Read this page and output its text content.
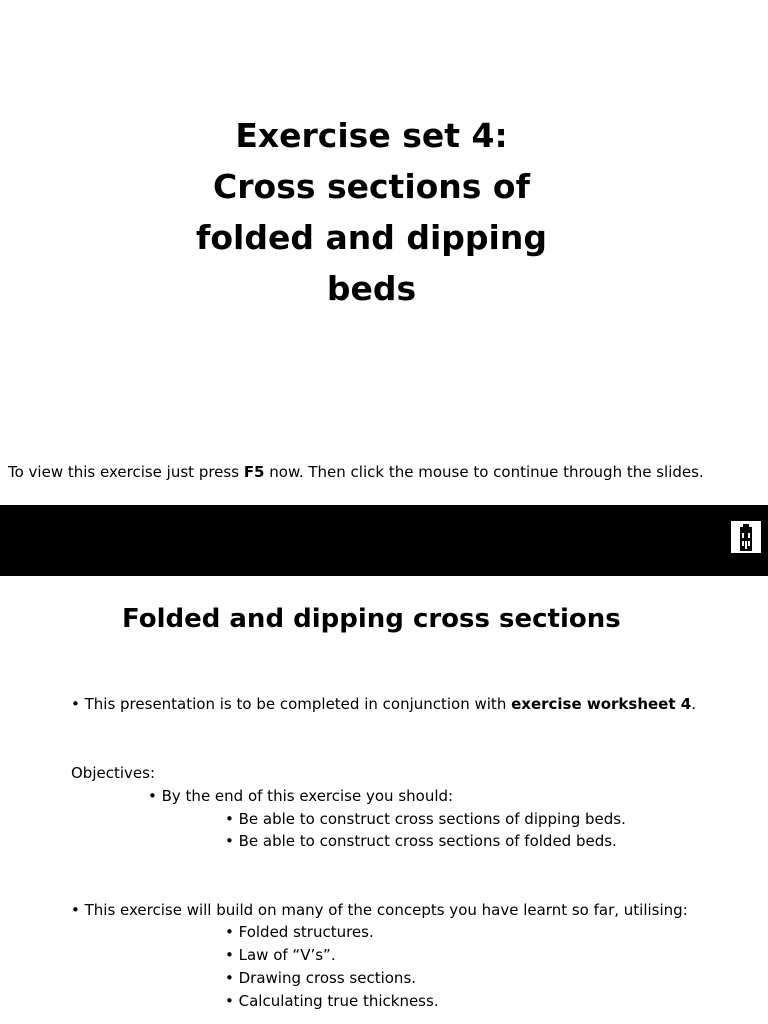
Exercise set 4:
Cross sections of
folded and dipping
beds
To view this exercise just press F5 now. Then click the mouse to continue through the slides.
School of Earth and Environment
UNIVERSITY OF LEEDS
Folded and dipping cross sections
• This presentation is to be completed in conjunction with exercise worksheet 4.
Objectives:
• By the end of this exercise you should:
• Be able to construct cross sections of dipping beds.
• Be able to construct cross sections of folded beds.
• This exercise will build on many of the concepts you have learnt so far, utilising:
• Folded structures.
• Law of “V’s”.
• Drawing cross sections.
• Calculating true thickness.
